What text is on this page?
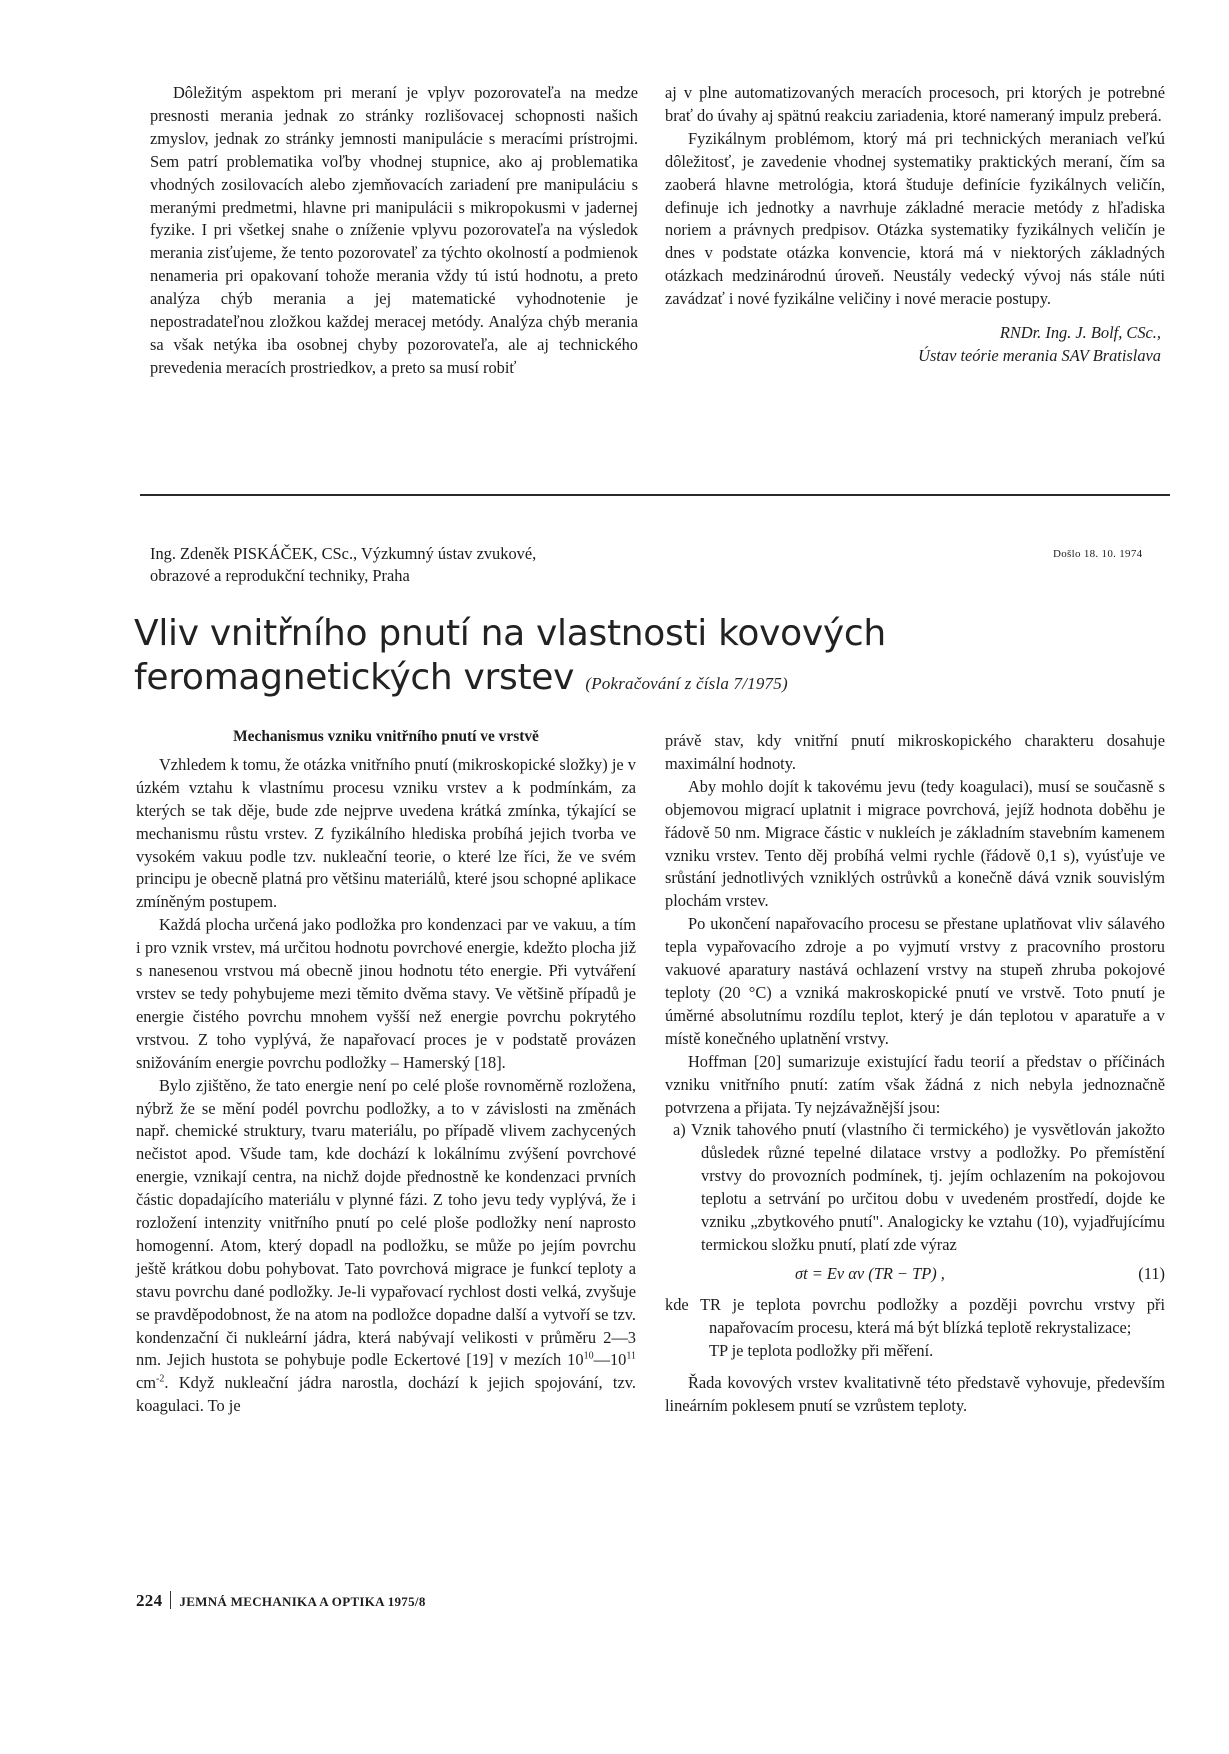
Dôležitým aspektom pri meraní je vplyv pozorovateľa na medze presnosti merania jednak zo stránky rozlišovacej schopnosti našich zmyslov, jednak zo stránky jemnosti manipulácie s meracími prístrojmi. Sem patrí problematika voľby vhodnej stupnice, ako aj problematika vhodných zosilovacích alebo zjemňovacích zariadení pre manipuláciu s meranými predmetmi, hlavne pri manipulácii s mikropokusmi v jadernej fyzike. I pri všetkej snahe o zníženie vplyvu pozorovateľa na výsledok merania zisťujeme, že tento pozorovateľ za týchto okolností a podmienok nenameria pri opakovaní tohože merania vždy tú istú hodnotu, a preto analýza chýb merania a jej matematické vyhodnotenie je nepostradateľnou zložkou každej meracej metódy. Analýza chýb merania sa však netýka iba osobnej chyby pozorovateľa, ale aj technického prevedenia meracích prostriedkov, a preto sa musí robiť

aj v plne automatizovaných meracích procesoch, pri ktorých je potrebné brať do úvahy aj spätnú reakciu zariadenia, ktoré nameraný impulz preberá.

Fyzikálnym problémom, ktorý má pri technických meraniach veľkú dôležitosť, je zavedenie vhodnej systematiky praktických meraní, čím sa zaoberá hlavne metrológia, ktorá študuje definície fyzikálnych veličín, definuje ich jednotky a navrhuje základné meracie metódy z hľadiska noriem a právnych predpisov. Otázka systematiky fyzikálnych veličín je dnes v podstate otázka konvencie, ktorá má v niektorých základných otázkach medzinárodnú úroveň. Neustály vedecký vývoj nás stále núti zavádzať i nové fyzikálne veličiny i nové meracie postupy.

RNDr. Ing. J. Bolf, CSc.,
Ústav teórie merania SAV Bratislava
Ing. Zdeněk PISKÁČEK, CSc., Výzkumný ústav zvukové,
obrazové a reprodukční techniky, Praha
Došlo 18. 10. 1974
Vliv vnitřního pnutí na vlastnosti kovových
feromagnetických vrstev (Pokračování z čísla 7/1975)
Mechanismus vzniku vnitřního pnutí ve vrstvě

Vzhledem k tomu, že otázka vnitřního pnutí (mikroskopické složky) je v úzkém vztahu k vlastnímu procesu vzniku vrstev a k podmínkám, za kterých se tak děje, bude zde nejprve uvedena krátká zmínka, týkající se mechanismu růstu vrstev. Z fyzikálního hlediska probíhá jejich tvorba ve vysokém vakuu podle tzv. nukleační teorie, o které lze říci, že ve svém principu je obecně platná pro většinu materiálů, které jsou schopné aplikace zmíněným postupem.

Každá plocha určená jako podložka pro kondenzaci par ve vakuu, a tím i pro vznik vrstev, má určitou hodnotu povrchové energie, kdežto plocha již s nanesenou vrstvou má obecně jinou hodnotu této energie. Při vytváření vrstev se tedy pohybujeme mezi těmito dvěma stavy. Ve většině případů je energie čistého povrchu mnohem vyšší než energie povrchu pokrytého vrstvou. Z toho vyplývá, že napařovací proces je v podstatě provázen snižováním energie povrchu podložky – Hamerský [18].

Bylo zjištěno, že tato energie není po celé ploše rovnoměrně rozložena, nýbrž že se mění podél povrchu podložky, a to v závislosti na změnách např. chemické struktury, tvaru materiálu, po případě vlivem zachycených nečistot apod. Všude tam, kde dochází k lokálnímu zvýšení povrchové energie, vznikají centra, na nichž dojde přednostně ke kondenzaci prvních částic dopadajícího materiálu v plynné fázi. Z toho jevu tedy vyplývá, že i rozložení intenzity vnitřního pnutí po celé ploše podložky není naprosto homogenní. Atom, který dopadl na podložku, se může po jejím povrchu ještě krátkou dobu pohybovat. Tato povrchová migrace je funkcí teploty a stavu povrchu dané podložky. Je-li vypařovací rychlost dosti velká, zvyšuje se pravděpodobnost, že na atom na podložce dopadne další a vytvoří se tzv. kondenzační či nukleární jádra, která nabývají velikosti v průměru 2—3 nm. Jejich hustota se pohybuje podle Eckertové [19] v mezích $10^{10}—10^{11}$ $cm^{-2}$. Když nukleační jádra narostla, dochází k jejich spojování, tzv. koagulaci. To je

právě stav, kdy vnitřní pnutí mikroskopického charakteru dosahuje maximální hodnoty.

Aby mohlo dojít k takovému jevu (tedy koagulaci), musí se současně s objemovou migrací uplatnit i migrace povrchová, jejíž hodnota doběhu je řádově 50 nm. Migrace částic v nukleích je základním stavebním kamenem vzniku vrstev. Tento děj probíhá velmi rychle (řádově 0,1 s), vyúsťuje ve srůstání jednotlivých vzniklých ostrůvků a konečně dává vznik souvislým plochám vrstev.

Po ukončení napařovacího procesu se přestane uplatňovat vliv sálavého tepla vypařovacího zdroje a po vyjmutí vrstvy z pracovního prostoru vakuové aparatury nastává ochlazení vrstvy na stupeň zhruba pokojové teploty (20 °C) a vzniká makroskopické pnutí ve vrstvě. Toto pnutí je úměrné absolutnímu rozdílu teplot, který je dán teplotou v aparatuře a v místě konečného uplatnění vrstvy.

Hoffman [20] sumarizuje existující řadu teorií a představ o příčinách vzniku vnitřního pnutí: zatím však žádná z nich nebyla jednoznačně potvrzena a přijata. Ty nejzávažnější jsou:

a) Vznik tahového pnutí (vlastního či termického) je vysvětlován jakožto důsledek různé tepelné dilatace vrstvy a podložky. Po přemístění vrstvy do provozních podmínek, tj. jejím ochlazením na pokojovou teplotu a setrvání po určitou dobu v uvedeném prostředí, dojde ke vzniku „zbytkového pnutí". Analogicky ke vztahu (10), vyjadřujícímu termickou složku pnutí, platí zde výraz

σt = Ev αv (TR − TP) ,	(11)

kde TR je teplota povrchu podložky a později povrchu vrstvy při napařovacím procesu, která má být blízká teplotě rekrystalizace;

TP je teplota podložky při měření.

Řada kovových vrstev kvalitativně této představě vyhovuje, především lineárním poklesem pnutí se vzrůstem teploty.

224 JEMNÁ MECHANIKA A OPTIKA 1975/8
